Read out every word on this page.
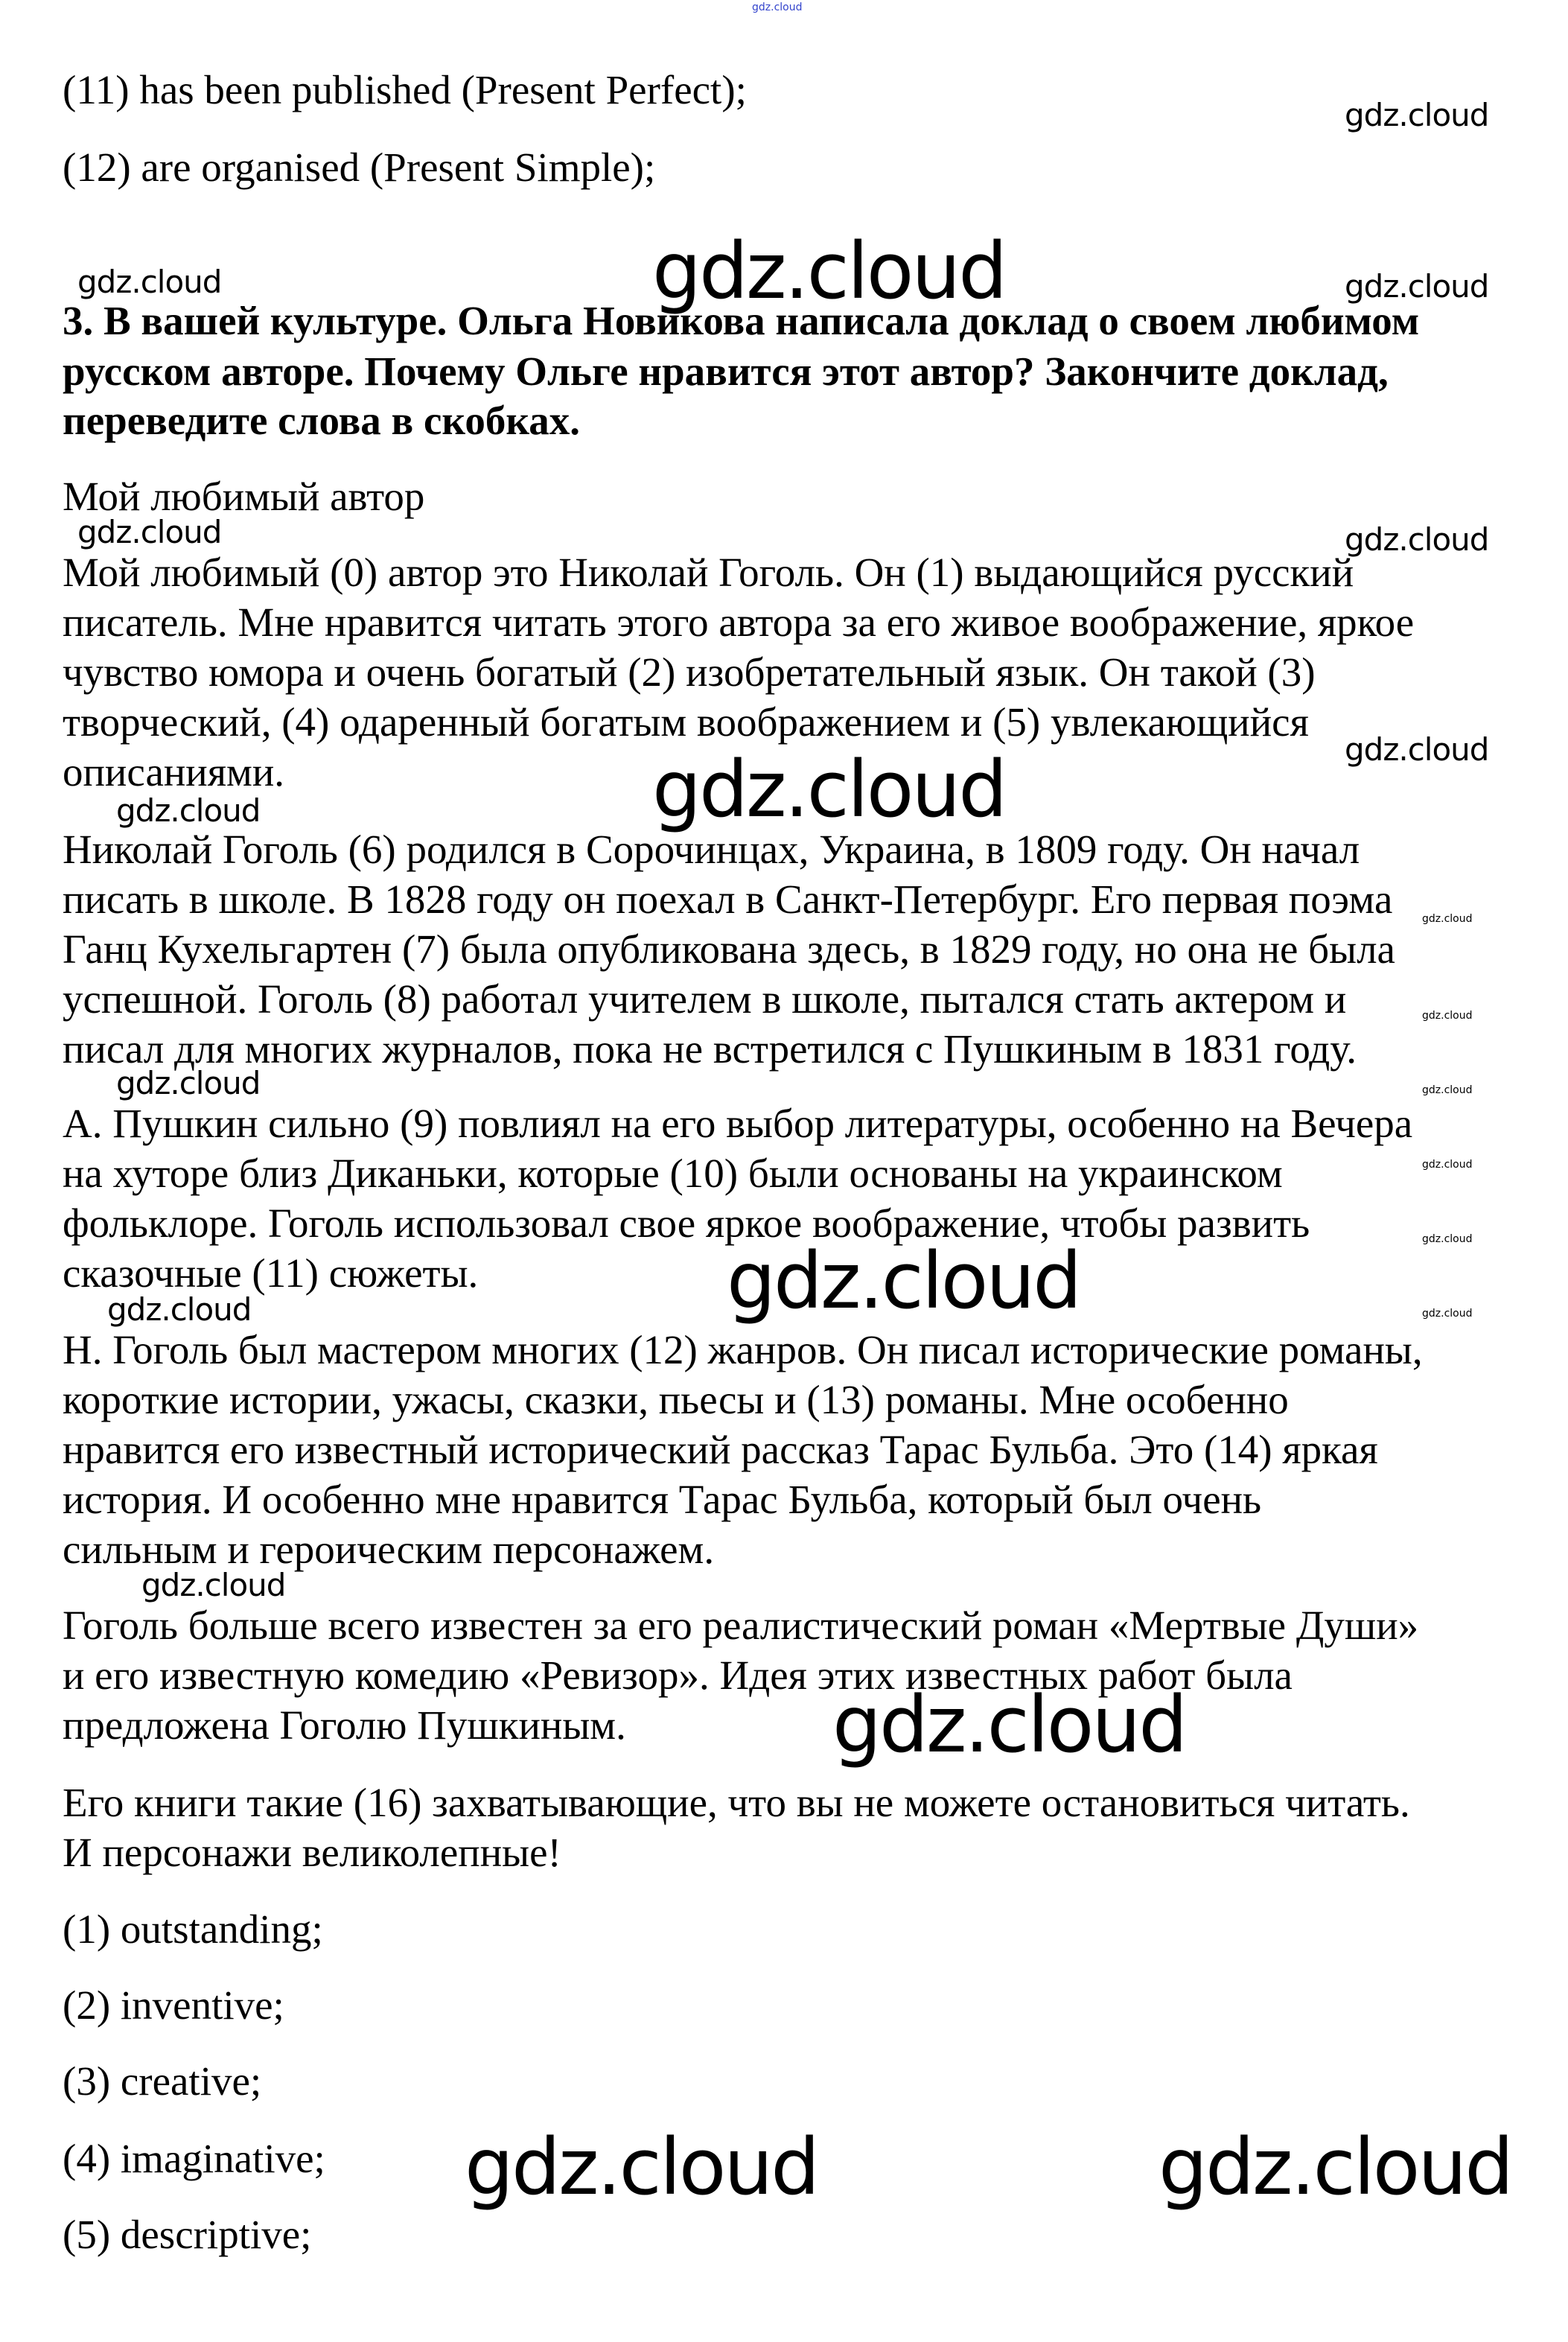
(11) has been published (Present Perfect);
(12) are organised (Present Simple);
3. В вашей культуре. Ольга Новикова написала доклад о своем любимом
русском авторе. Почему Ольге нравится этот автор? Закончите доклад,
переведите слова в скобках.
Мой любимый автор
Мой любимый (0) автор это Николай Гоголь. Он (1) выдающийся русский
писатель. Мне нравится читать этого автора за его живое воображение, яркое
чувство юмора и очень богатый (2) изобретательный язык. Он такой (3)
творческий, (4) одаренный богатым воображением и (5) увлекающийся
описаниями.
Николай Гоголь (6) родился в Сорочинцах, Украина, в 1809 году. Он начал
писать в школе. В 1828 году он поехал в Санкт-Петербург. Его первая поэма
Ганц Кухельгартен (7) была опубликована здесь, в 1829 году, но она не была
успешной. Гоголь (8) работал учителем в школе, пытался стать актером и
писал для многих журналов, пока не встретился с Пушкиным в 1831 году.
А. Пушкин сильно (9) повлиял на его выбор литературы, особенно на Вечера
на хуторе близ Диканьки, которые (10) были основаны на украинском
фольклоре. Гоголь использовал свое яркое воображение, чтобы развить
сказочные (11) сюжеты.
Н. Гоголь был мастером многих (12) жанров. Он писал исторические романы,
короткие истории, ужасы, сказки, пьесы и (13) романы. Мне особенно
нравится его известный исторический рассказ Тарас Бульба. Это (14) яркая
история. И особенно мне нравится Тарас Бульба, который был очень
сильным и героическим персонажем.
Гоголь больше всего известен за его реалистический роман «Мертвые Души»
и его известную комедию «Ревизор». Идея этих известных работ была
предложена Гоголю Пушкиным.
Его книги такие (16) захватывающие, что вы не можете остановиться читать.
И персонажи великолепные!
(1) outstanding;
(2) inventive;
(3) creative;
(4) imaginative;
(5) descriptive;
gdz.cloud
gdz.cloud
gdz.cloud	gdz.cloud
gdz.cloud	gdz.cloud
gdz.cloud
gdz.cloud
gdz.cloud
gdz.cloud
gdz.cloud
gdz.cloud
gdz.cloud
gdz.cloud
gdz.cloud
gdz.cloud	gdz.cloud
gdz.cloud
gdz.cloud
gdz.cloud
gdz.cloud
gdz.cloud
gdz.cloud
